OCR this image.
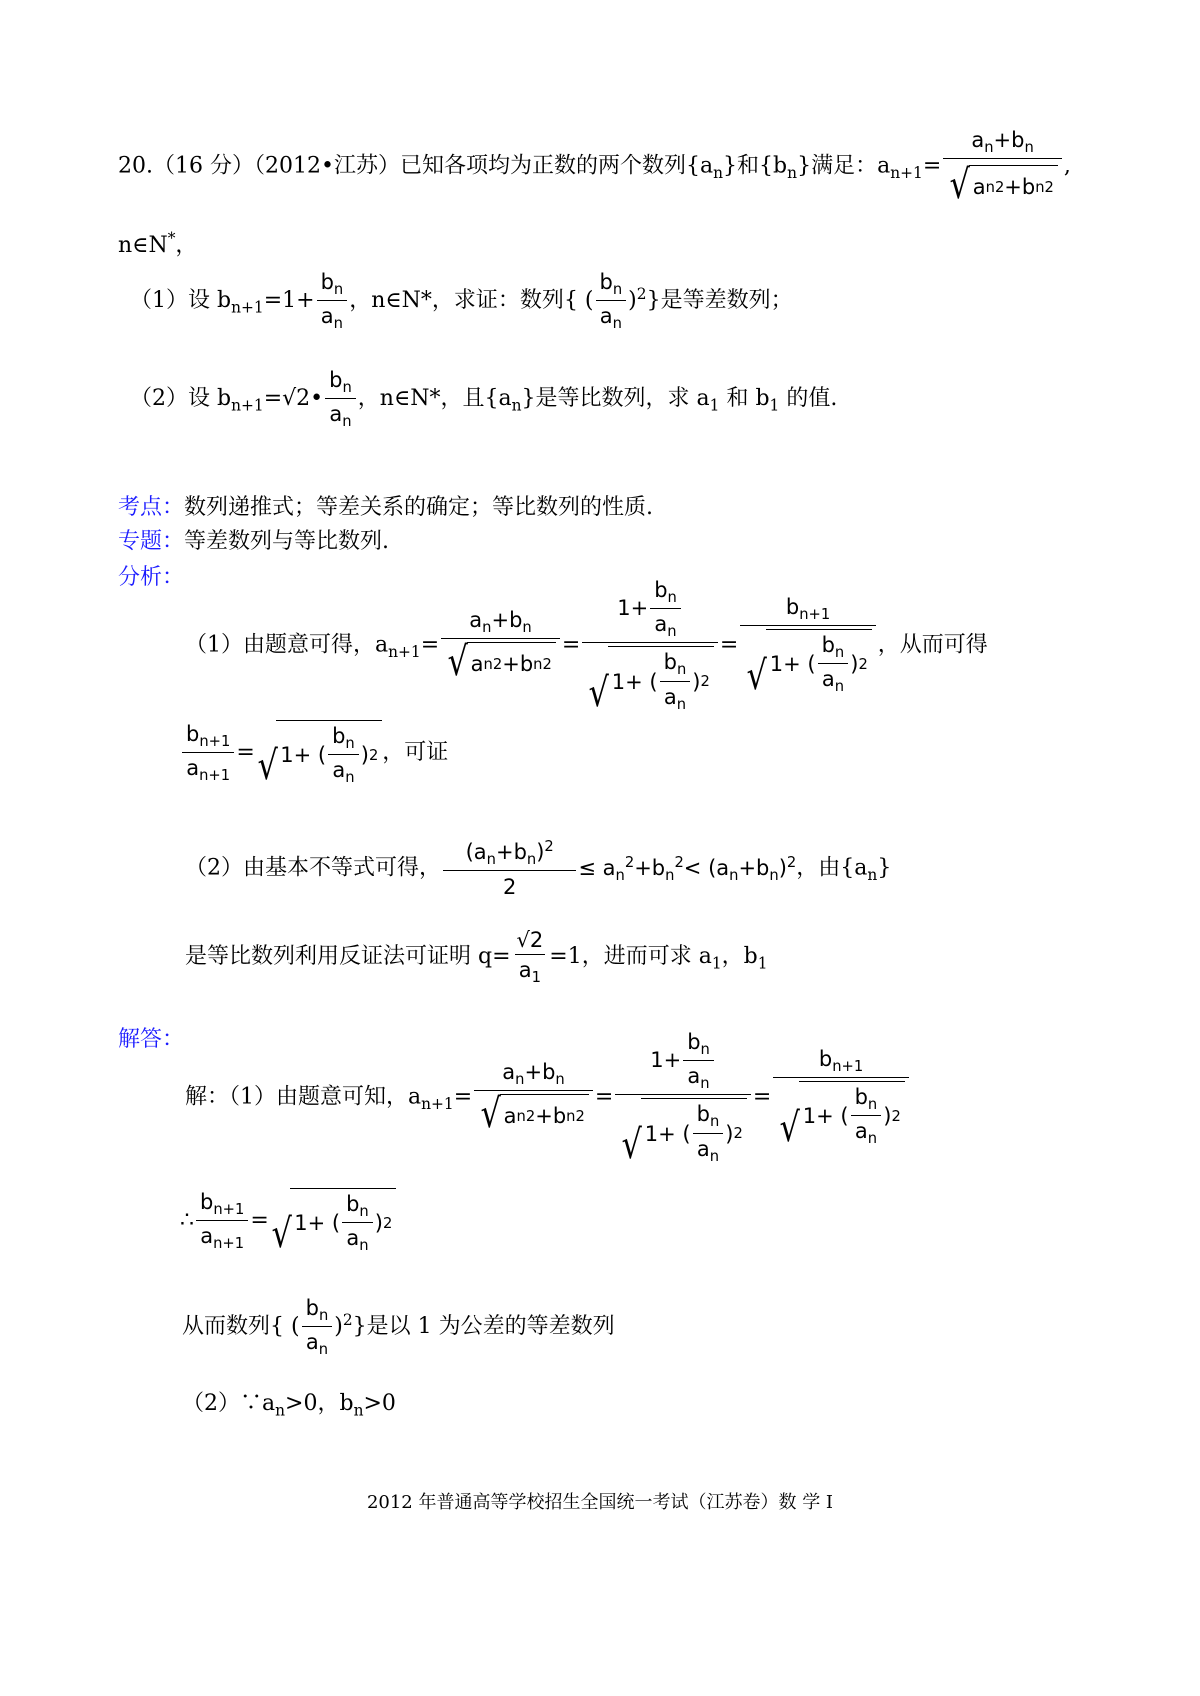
20.（16 分）（2012•江苏）已知各项均为正数的两个数列$\{a_n\}$和$\{b_n\}$满足：$a_{n+1}= \frac{a_n+b_n}{\text{√ a n 2 +b n 2}}$ ,
n∈N*，
（1）设 $b_{n+1}=1+ \frac{b_n}{a_n}$ ，n∈N*，求证：数列{ ( $\frac{b_n}{a_n} )^2$}是等差数列；
（2）设 $b_{n+1}=√2• \frac{b_n}{a_n}$ ，n∈N*，且$\{a_n\}$是等比数列，求 $a_1$ 和 $b_1$ 的值.
考点：数列递推式；等差关系的确定；等比数列的性质.
专题：等差数列与等比数列.
分析：
（1）由题意可得，$a_{n+1}= \frac{a_n+b_n}{\text{√ a n 2 +b n 2}} = \frac{1+ \frac{b_n}{a_n}}{√ 1+ ( \frac{b_n}{a_n} ) 2} = \frac{b_{n+1}}{√ 1+ ( \frac{b_n}{a_n} ) 2}$ ，从而可得
$\frac{b_{n+1}}{a_{n+1}}$ = √ 1+ ( $\frac{b_n}{a_n}$ ) 2 ，可证
（2）由基本不等式可得， $\frac{(a_n+b_n)^2}{2} \le a_n^2+b_n^2< (a_n+b_n)^2$，由$\{a_n\}$
是等比数列利用反证法可证明 $q= \frac{√2}{a_1} =1$，进而可求 $a_1$，$b_1$
解答：
解：（1）由题意可知，$a_{n+1}= \frac{a_n+b_n}{\text{√ a n 2 +b n 2}} = \frac{1+ \frac{b_n}{a_n}}{√ 1+ ( \frac{b_n}{a_n} ) 2} = \frac{b_{n+1}}{√ 1+ ( \frac{b_n}{a_n} ) 2}$
∴ $\frac{b_{n+1}}{a_{n+1}}$ = √ 1+ ( $\frac{b_n}{a_n}$ ) 2
从而数列{ ( $\frac{b_n}{a_n} )^2$}是以 1 为公差的等差数列
$(2)\because a_n>0$，$b_n>0$
2012 年普通高等学校招生全国统一考试（江苏卷）数 学 I
